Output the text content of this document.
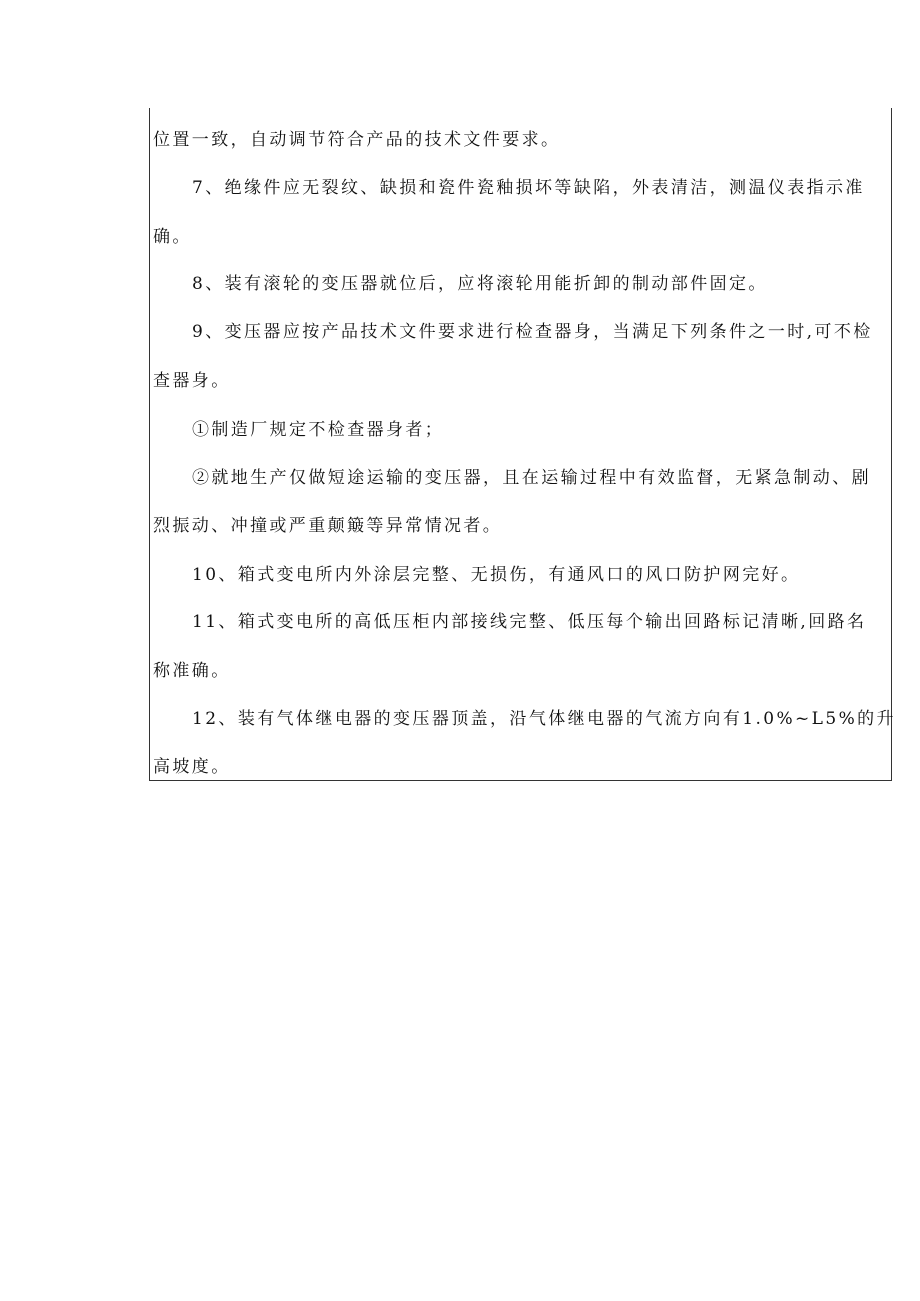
位置一致，自动调节符合产品的技术文件要求。

7、绝缘件应无裂纹、缺损和瓷件瓷釉损坏等缺陷，外表清洁，测温仪表指示准

确。

8、装有滚轮的变压器就位后，应将滚轮用能折卸的制动部件固定。

9、变压器应按产品技术文件要求进行检查器身，当满足下列条件之一时,可不检

查器身。

①制造厂规定不检查器身者；

②就地生产仅做短途运输的变压器，且在运输过程中有效监督，无紧急制动、剧

烈振动、冲撞或严重颠簸等异常情况者。

10、箱式变电所内外涂层完整、无损伤，有通风口的风口防护网完好。

11、箱式变电所的高低压柜内部接线完整、低压每个输出回路标记清晰,回路名

称准确。

12、装有气体继电器的变压器顶盖，沿气体继电器的气流方向有1.0%~L5%的升

高坡度。
